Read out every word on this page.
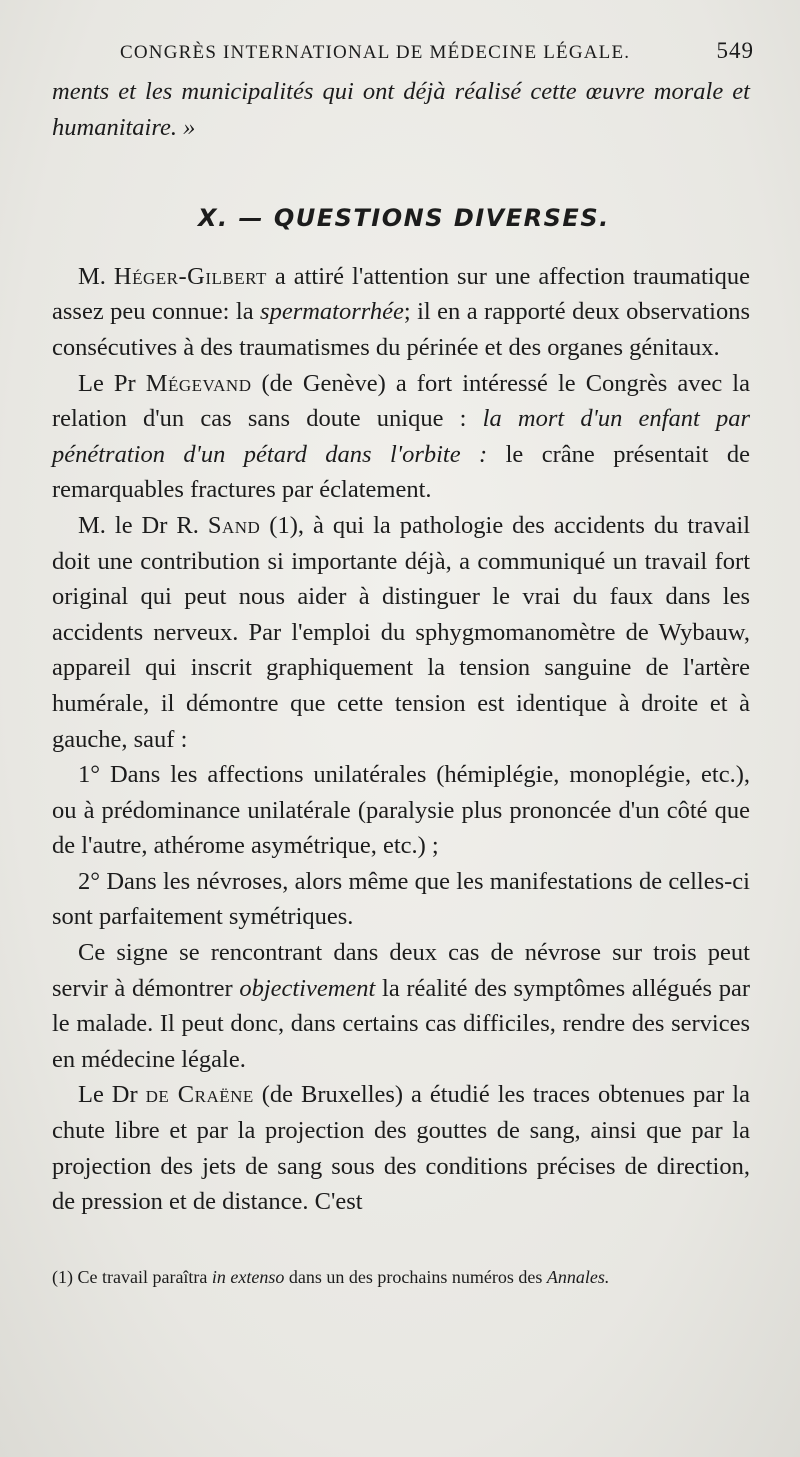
CONGRÈS INTERNATIONAL DE MÉDECINE LÉGALE.	549

ments et les municipalités qui ont déjà réalisé cette œuvre morale et humanitaire. »

X. — QUESTIONS DIVERSES.

M. Héger-Gilbert a attiré l'attention sur une affection traumatique assez peu connue: la spermatorrhée; il en a rapporté deux observations consécutives à des traumatismes du périnée et des organes génitaux.

Le Pr Mégevand (de Genève) a fort intéressé le Congrès avec la relation d'un cas sans doute unique : la mort d'un enfant par pénétration d'un pétard dans l'orbite : le crâne présentait de remarquables fractures par éclatement.

M. le Dr R. Sand (1), à qui la pathologie des accidents du travail doit une contribution si importante déjà, a communiqué un travail fort original qui peut nous aider à distinguer le vrai du faux dans les accidents nerveux. Par l'emploi du sphygmomanomètre de Wybauw, appareil qui inscrit graphiquement la tension sanguine de l'artère humérale, il démontre que cette tension est identique à droite et à gauche, sauf :

1° Dans les affections unilatérales (hémiplégie, monoplégie, etc.), ou à prédominance unilatérale (paralysie plus prononcée d'un côté que de l'autre, athérome asymétrique, etc.) ;

2° Dans les névroses, alors même que les manifestations de celles-ci sont parfaitement symétriques.

Ce signe se rencontrant dans deux cas de névrose sur trois peut servir à démontrer objectivement la réalité des symptômes allégués par le malade. Il peut donc, dans certains cas difficiles, rendre des services en médecine légale.

Le Dr de Craëne (de Bruxelles) a étudié les traces obtenues par la chute libre et par la projection des gouttes de sang, ainsi que par la projection des jets de sang sous des conditions précises de direction, de pression et de distance. C'est

(1) Ce travail paraîtra in extenso dans un des prochains numéros des Annales.
